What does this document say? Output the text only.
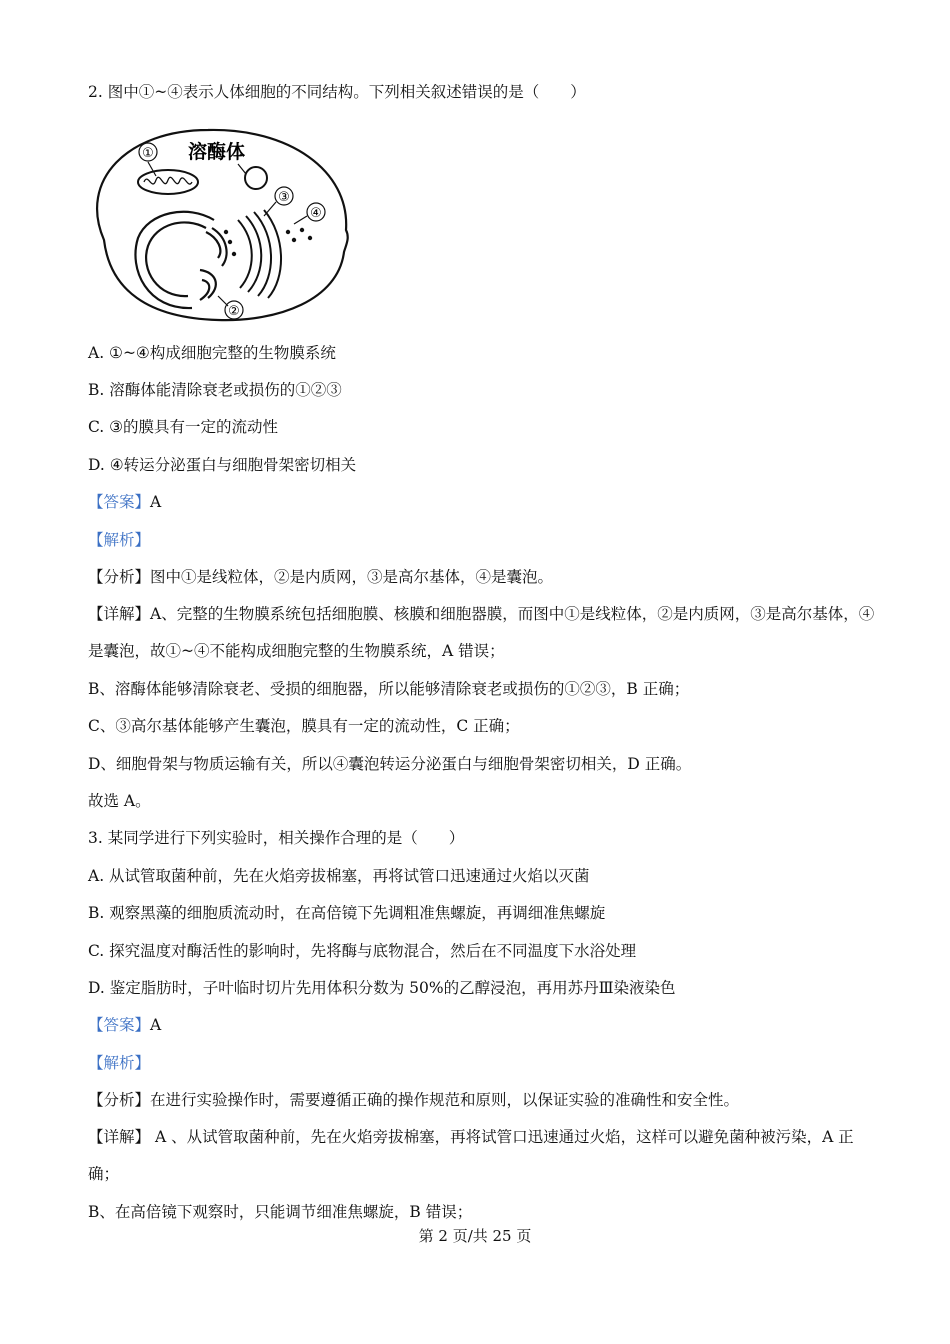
2. 图中①~④表示人体细胞的不同结构。下列相关叙述错误的是（　　）
① 溶酶体
③
④
②
A. ①~④构成细胞完整的生物膜系统
B. 溶酶体能清除衰老或损伤的①②③
C. ③的膜具有一定的流动性
D. ④转运分泌蛋白与细胞骨架密切相关
【答案】A
【解析】
【分析】图中①是线粒体，②是内质网，③是高尔基体，④是囊泡。
【详解】A、完整的生物膜系统包括细胞膜、核膜和细胞器膜，而图中①是线粒体，②是内质网，③是高尔基体，④是囊泡，故①~④不能构成细胞完整的生物膜系统，A 错误；
B、溶酶体能够清除衰老、受损的细胞器，所以能够清除衰老或损伤的①②③，B 正确；
C、③高尔基体能够产生囊泡，膜具有一定的流动性，C 正确；
D、细胞骨架与物质运输有关，所以④囊泡转运分泌蛋白与细胞骨架密切相关，D 正确。
故选 A。
3. 某同学进行下列实验时，相关操作合理的是（　　）
A. 从试管取菌种前，先在火焰旁拔棉塞，再将试管口迅速通过火焰以灭菌
B. 观察黑藻的细胞质流动时，在高倍镜下先调粗准焦螺旋，再调细准焦螺旋
C. 探究温度对酶活性的影响时，先将酶与底物混合，然后在不同温度下水浴处理
D. 鉴定脂肪时，子叶临时切片先用体积分数为 50%的乙醇浸泡，再用苏丹Ⅲ染液染色
【答案】A
【解析】
【分析】在进行实验操作时，需要遵循正确的操作规范和原则，以保证实验的准确性和安全性。
【详解】 A 、从试管取菌种前，先在火焰旁拔棉塞，再将试管口迅速通过火焰，这样可以避免菌种被污染，A 正确；
B、在高倍镜下观察时，只能调节细准焦螺旋，B 错误；
第 2 页/共 25 页
